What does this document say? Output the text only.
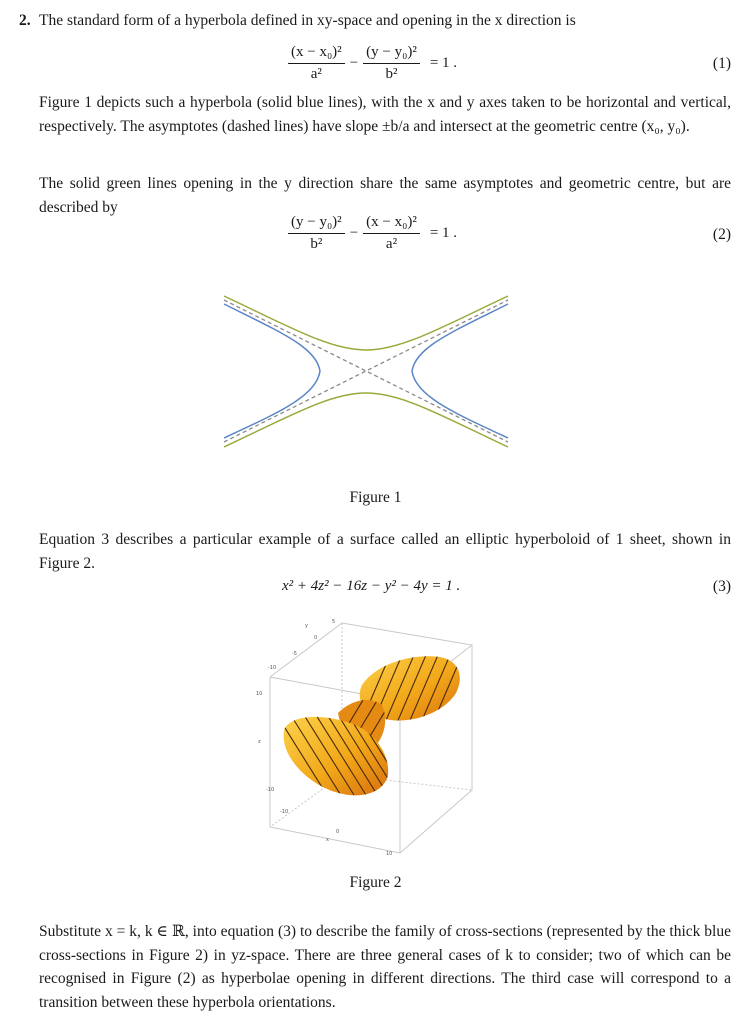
2. The standard form of a hyperbola defined in xy-space and opening in the x direction is
$\frac{\text{(x − x₀)²}}{\text{a²}} - \frac{\text{(y − y₀)²}}{\text{b²}} = 1$ .	(1)
Figure 1 depicts such a hyperbola (solid blue lines), with the x and y axes taken to be horizontal and vertical, respectively. The asymptotes (dashed lines) have slope ±b/a and intersect at the geometric centre (x₀, y₀).
The solid green lines opening in the y direction share the same asymptotes and geometric centre, but are described by
$\frac{\text{(y − y₀)²}}{\text{b²}} - \frac{\text{(x − x₀)²}}{\text{a²}} = 1$ .	(2)
Figure 1
Equation 3 describes a particular example of a surface called an elliptic hyperboloid of 1 sheet, shown in Figure 2.
x² + 4z² − 16z − y² − 4y = 1 .	(3)
y
5
0
-5
-10
10
z
-10
-10
0
x
10
Figure 2
Substitute x = k, k ∈ ℝ, into equation (3) to describe the family of cross-sections (represented by the thick blue cross-sections in Figure 2) in yz-space. There are three general cases of k to consider; two of which can be recognised in Figure (2) as hyperbolae opening in different directions. The third case will correspond to a transition between these hyperbola orientations.
